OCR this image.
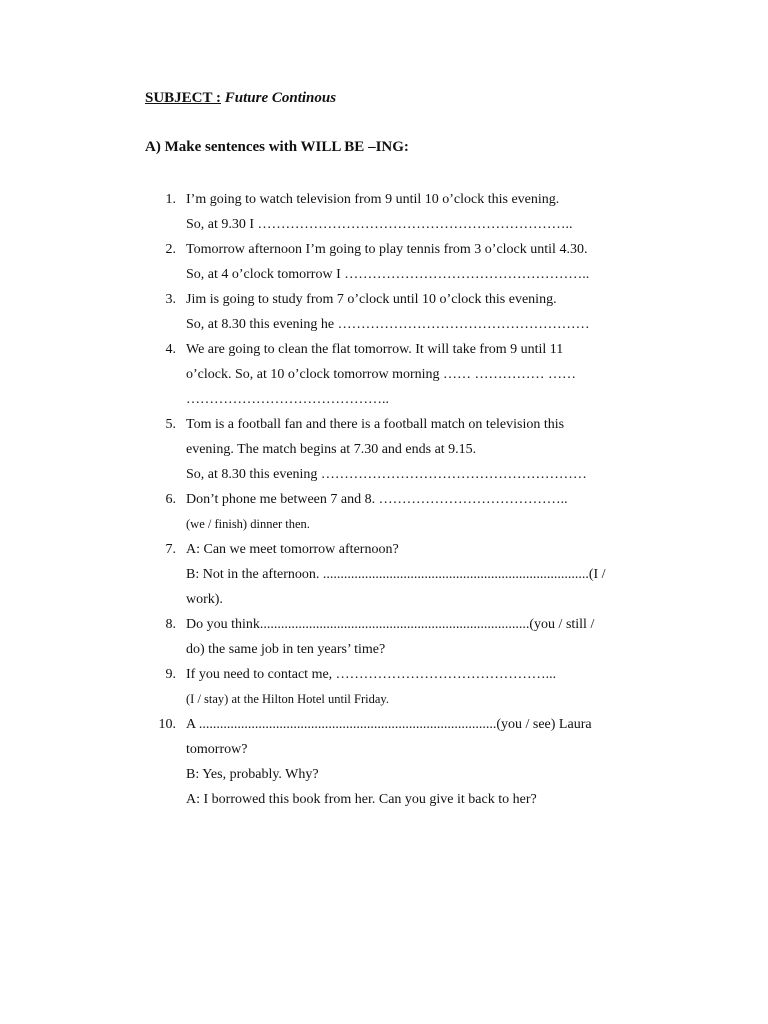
SUBJECT : Future Continous
A) Make sentences with WILL BE –ING:
1. I’m going to watch television from 9 until 10 o’clock this evening.
So, at 9.30 I …………………………………………………………..
2. Tomorrow afternoon I’m going to play tennis from 3 o’clock until 4.30.
So, at 4 o’clock tomorrow I ……………………………………………..
3. Jim is going to study from 7 o’clock until 10 o’clock this evening.
So, at 8.30 this evening he ………………………………………………
4. We are going to clean the flat tomorrow. It will take from 9 until 11
o’clock. So, at 10 o’clock tomorrow morning …… …………… ……
……………………………………..
5. Tom is a football fan and there is a football match on television this
evening. The match begins at 7.30 and ends at 9.15.
So, at 8.30 this evening …………………………………………………
6. Don’t phone me between 7 and 8. …………………………………..
(we / finish) dinner then.
7. A: Can we meet tomorrow afternoon?
B: Not in the afternoon. ............................................................................(I /
work).
8. Do you think.............................................................................(you / still /
do) the same job in ten years’ time?
9. If you need to contact me, ………………………………………...
(I / stay) at the Hilton Hotel until Friday.
10. A .....................................................................................(you / see) Laura
tomorrow?
B: Yes, probably. Why?
A: I borrowed this book from her. Can you give it back to her?
